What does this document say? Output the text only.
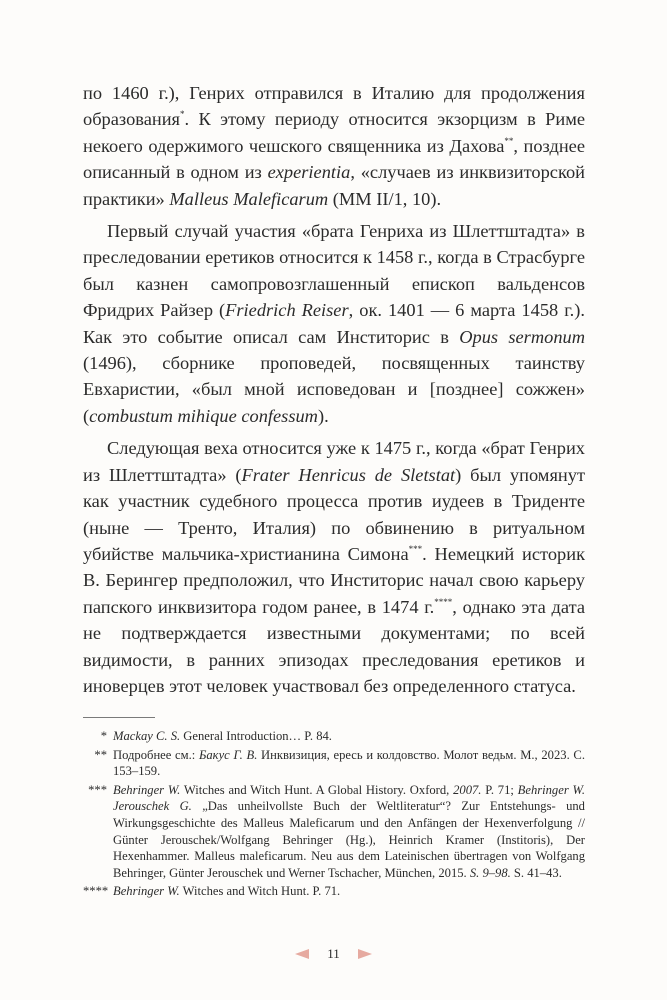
по 1460 г.), Генрих отправился в Италию для продолжения образования*. К этому периоду относится экзорцизм в Риме некоего одержимого чешского священника из Дахова**, позднее описанный в одном из experientia, «случаев из инквизиторской практики» Malleus Maleficarum (ММ II/1, 10).

Первый случай участия «брата Генриха из Шлеттштадта» в преследовании еретиков относится к 1458 г., когда в Страсбурге был казнен самопровозглашенный епископ вальденсов Фридрих Райзер (Friedrich Reiser, ок. 1401 — 6 марта 1458 г.). Как это событие описал сам Инститорис в Opus sermonum (1496), сборнике проповедей, посвященных таинству Евхаристии, «был мной исповедован и [позднее] сожжен» (combustum mihique confessum).

Следующая веха относится уже к 1475 г., когда «брат Генрих из Шлеттштадта» (Frater Henricus de Sletstat) был упомянут как участник судебного процесса против иудеев в Триденте (ныне — Тренто, Италия) по обвинению в ритуальном убийстве мальчика-христианина Симона***. Немецкий историк В. Берингер предположил, что Инститорис начал свою карьеру папского инквизитора годом ранее, в 1474 г.****, однако эта дата не подтверждается известными документами; по всей видимости, в ранних эпизодах преследования еретиков и иноверцев этот человек участвовал без определенного статуса.

* Mackay C. S. General Introduction… P. 84.
** Подробнее см.: Бакус Г. В. Инквизиция, ересь и колдовство. Молот ведьм. М., 2023. С. 153–159.
*** Behringer W. Witches and Witch Hunt. A Global History. Oxford, 2007. P. 71; Behringer W. Jerouschek G. „Das unheilvollste Buch der Weltliteratur“? Zur Entstehungs- und Wirkungsgeschichte des Malleus Maleficarum und den Anfängen der Hexenverfolgung // Günter Jerouschek/Wolfgang Behringer (Hg.), Heinrich Kramer (Institoris), Der Hexenhammer. Malleus maleficarum. Neu aus dem Lateinischen übertragen von Wolfgang Behringer, Günter Jerouschek und Werner Tschacher, München, 2015. S. 9–98. S. 41–43.
**** Behringer W. Witches and Witch Hunt. P. 71.
11
